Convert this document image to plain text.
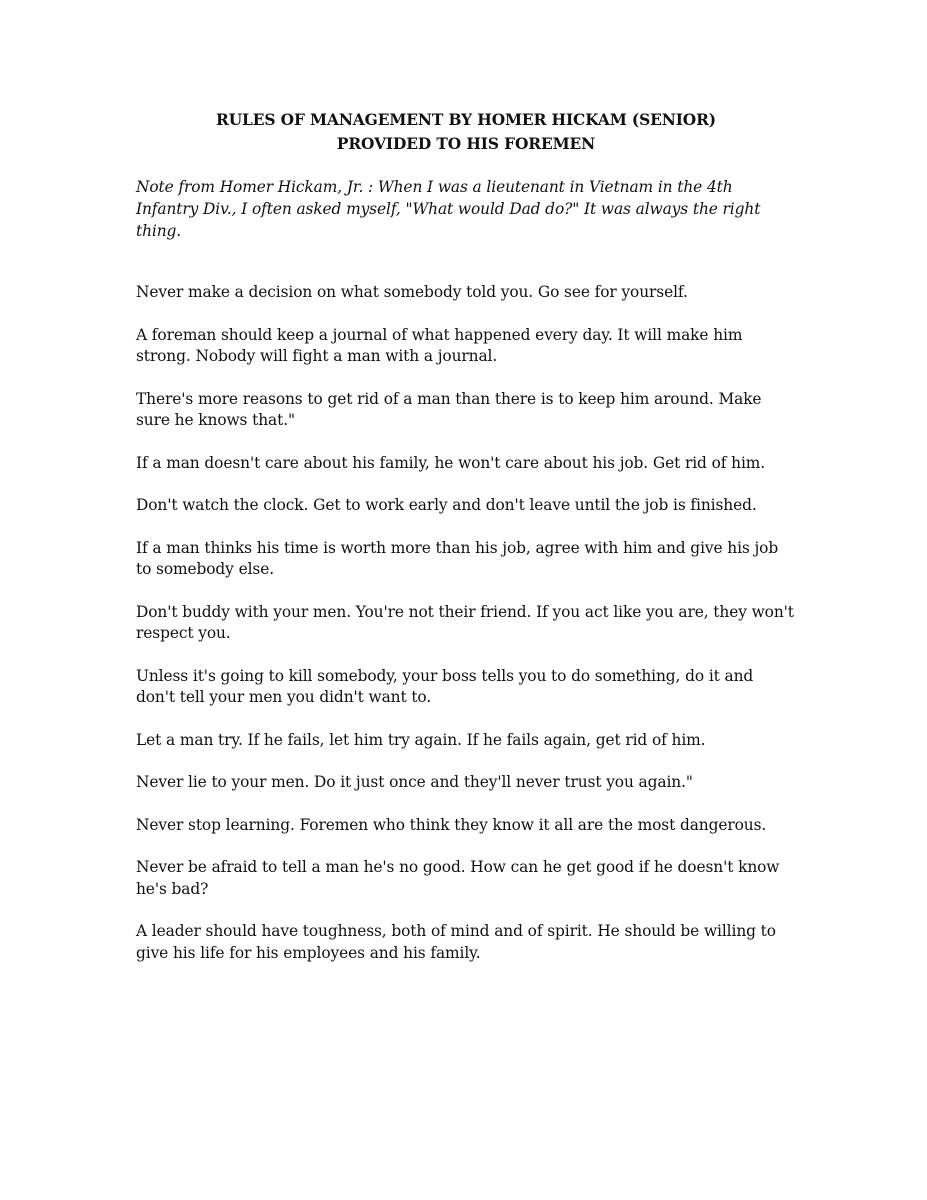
RULES OF MANAGEMENT BY HOMER HICKAM (SENIOR)
PROVIDED TO HIS FOREMEN

Note from Homer Hickam, Jr. : When I was a lieutenant in Vietnam in the 4th Infantry Div., I often asked myself, "What would Dad do?" It was always the right thing.

Never make a decision on what somebody told you. Go see for yourself.

A foreman should keep a journal of what happened every day. It will make him strong. Nobody will fight a man with a journal.

There's more reasons to get rid of a man than there is to keep him around. Make sure he knows that."

If a man doesn't care about his family, he won't care about his job. Get rid of him.

Don't watch the clock. Get to work early and don't leave until the job is finished.

If a man thinks his time is worth more than his job, agree with him and give his job to somebody else.

Don't buddy with your men. You're not their friend. If you act like you are, they won't respect you.

Unless it's going to kill somebody, your boss tells you to do something, do it and don't tell your men you didn't want to.

Let a man try. If he fails, let him try again. If he fails again, get rid of him.

Never lie to your men. Do it just once and they'll never trust you again."

Never stop learning. Foremen who think they know it all are the most dangerous.

Never be afraid to tell a man he's no good. How can he get good if he doesn't know he's bad?

A leader should have toughness, both of mind and of spirit. He should be willing to give his life for his employees and his family.
